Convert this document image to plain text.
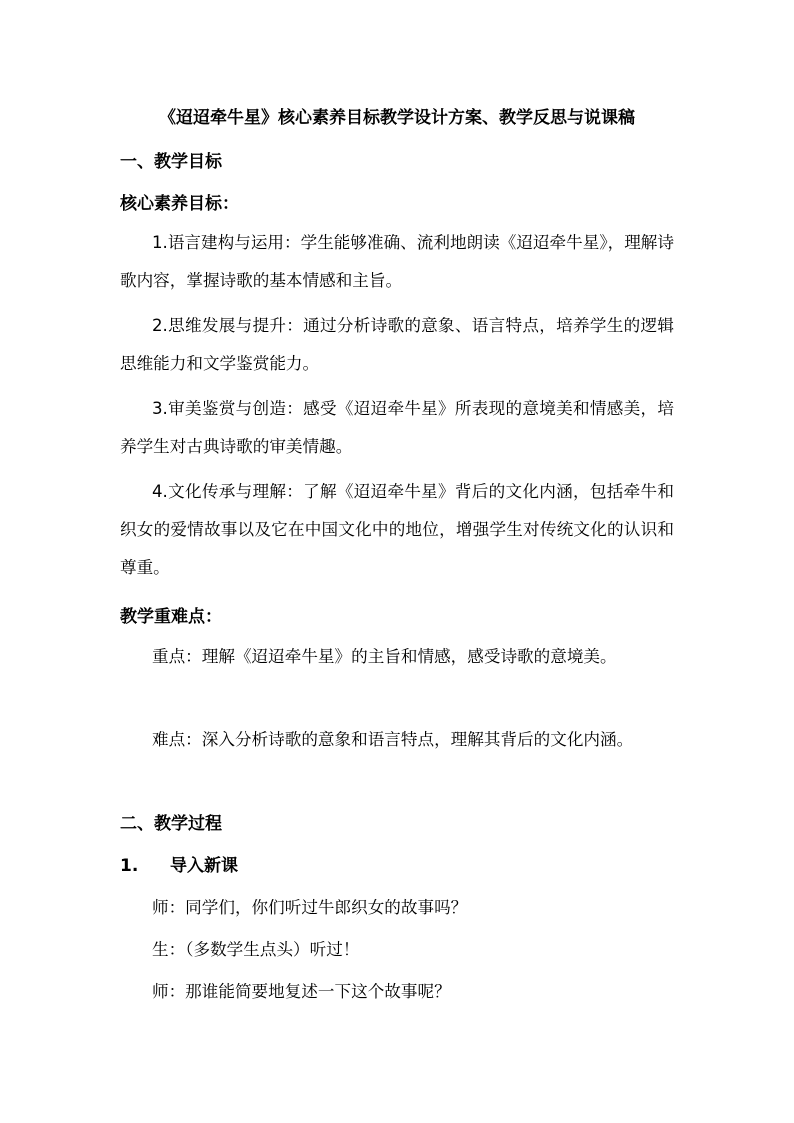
《迢迢牵牛星》核心素养目标教学设计方案、教学反思与说课稿
一、教学目标
核心素养目标：
1.语言建构与运用：学生能够准确、流利地朗读《迢迢牵牛星》，理解诗歌内容，掌握诗歌的基本情感和主旨。
2.思维发展与提升：通过分析诗歌的意象、语言特点，培养学生的逻辑思维能力和文学鉴赏能力。
3.审美鉴赏与创造：感受《迢迢牵牛星》所表现的意境美和情感美，培养学生对古典诗歌的审美情趣。
4.文化传承与理解：了解《迢迢牵牛星》背后的文化内涵，包括牵牛和织女的爱情故事以及它在中国文化中的地位，增强学生对传统文化的认识和尊重。
教学重难点：
重点：理解《迢迢牵牛星》的主旨和情感，感受诗歌的意境美。
难点：深入分析诗歌的意象和语言特点，理解其背后的文化内涵。
二、教学过程
1. 导入新课
师：同学们，你们听过牛郎织女的故事吗？
生：（多数学生点头）听过！
师：那谁能简要地复述一下这个故事呢？
